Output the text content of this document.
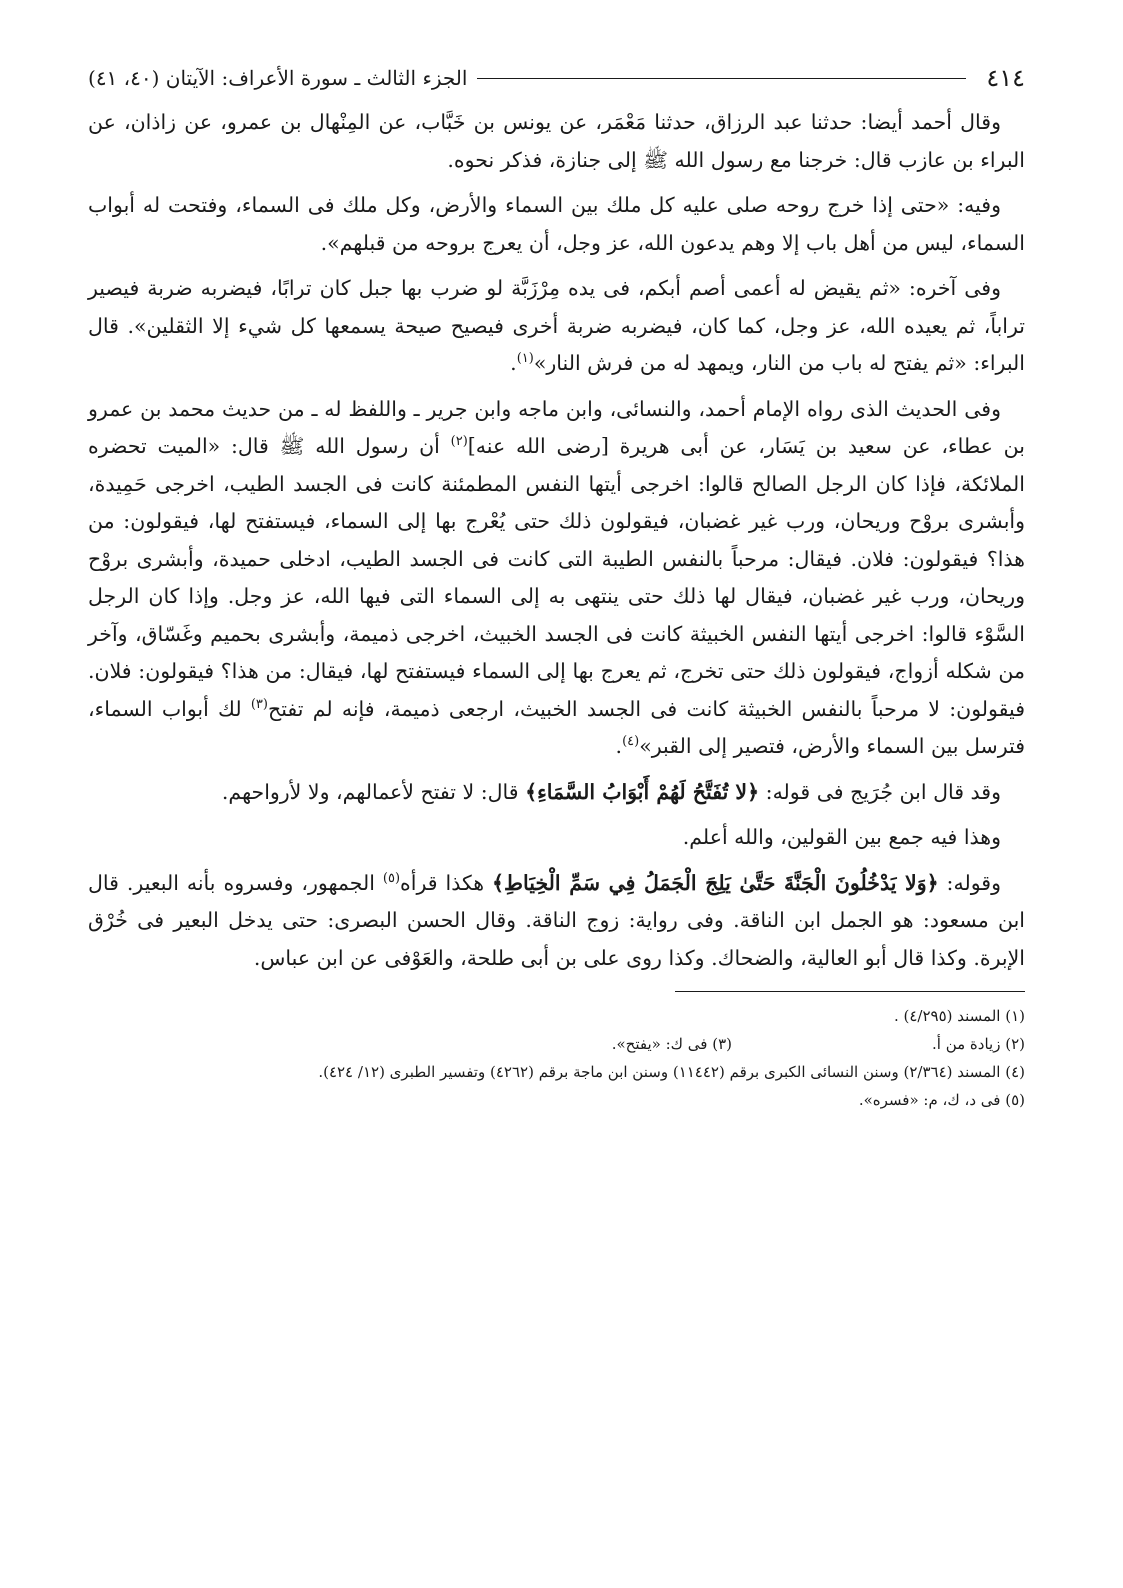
٤١٤
الجزء الثالث ـ سورة الأعراف: الآيتان (٤٠، ٤١)

وقال أحمد أيضا: حدثنا عبد الرزاق، حدثنا مَعْمَر، عن يونس بن خَبَّاب، عن المِنْهال بن عمرو، عن زاذان، عن البراء بن عازب قال: خرجنا مع رسول الله ﷺ إلى جنازة، فذكر نحوه.

وفيه: «حتى إذا خرج روحه صلى عليه كل ملك بين السماء والأرض، وكل ملك فى السماء، وفتحت له أبواب السماء، ليس من أهل باب إلا وهم يدعون الله، عز وجل، أن يعرج بروحه من قبلهم».

وفى آخره: «ثم يقيض له أعمى أصم أبكم، فى يده مِرْزَبَّة لو ضرب بها جبل كان ترابًا، فيضربه ضربة فيصير تراباً، ثم يعيده الله، عز وجل، كما كان، فيضربه ضربة أخرى فيصيح صيحة يسمعها كل شيء إلا الثقلين». قال البراء: «ثم يفتح له باب من النار، ويمهد له من فرش النار»$^{(١)}$.

وفى الحديث الذى رواه الإمام أحمد، والنسائى، وابن ماجه وابن جرير ـ واللفظ له ـ من حديث محمد بن عمرو بن عطاء، عن سعيد بن يَسَار، عن أبى هريرة [رضى الله عنه]$^{(٢)}$ أن رسول الله ﷺ قال: «الميت تحضره الملائكة، فإذا كان الرجل الصالح قالوا: اخرجى أيتها النفس المطمئنة كانت فى الجسد الطيب، اخرجى حَمِيدة، وأبشرى بروْح وريحان، ورب غير غضبان، فيقولون ذلك حتى يُعْرج بها إلى السماء، فيستفتح لها، فيقولون: من هذا؟ فيقولون: فلان. فيقال: مرحباً بالنفس الطيبة التى كانت فى الجسد الطيب، ادخلى حميدة، وأبشرى بروْح وريحان، ورب غير غضبان، فيقال لها ذلك حتى ينتهى به إلى السماء التى فيها الله، عز وجل. وإذا كان الرجل السَّوْء قالوا: اخرجى أيتها النفس الخبيثة كانت فى الجسد الخبيث، اخرجى ذميمة، وأبشرى بحميم وغَسّاق، وآخر من شكله أزواج، فيقولون ذلك حتى تخرج، ثم يعرج بها إلى السماء فيستفتح لها، فيقال: من هذا؟ فيقولون: فلان. فيقولون: لا مرحباً بالنفس الخبيثة كانت فى الجسد الخبيث، ارجعى ذميمة، فإنه لم تفتح$^{(٣)}$ لك أبواب السماء، فترسل بين السماء والأرض، فتصير إلى القبر»$^{(٤)}$.

وقد قال ابن جُرَيج فى قوله: ﴿لا تُفَتَّحُ لَهُمْ أَبْوَابُ السَّمَاءِ﴾ قال: لا تفتح لأعمالهم، ولا لأرواحهم.

وهذا فيه جمع بين القولين، والله أعلم.

وقوله: ﴿وَلا يَدْخُلُونَ الْجَنَّةَ حَتَّىٰ يَلِجَ الْجَمَلُ فِي سَمِّ الْخِيَاطِ﴾ هكذا قرأه$^{(٥)}$ الجمهور، وفسروه بأنه البعير. قال ابن مسعود: هو الجمل ابن الناقة. وفى رواية: زوج الناقة. وقال الحسن البصرى: حتى يدخل البعير فى خُرْق الإبرة. وكذا قال أبو العالية، والضحاك. وكذا روى على بن أبى طلحة، والعَوْفى عن ابن عباس.

(١) المسند (٤/٢٩٥) .
(٢) زيادة من أ.
(٣) فى ك: «يفتح».
(٤) المسند (٢/٣٦٤) وسنن النسائى الكبرى برقم (١١٤٤٢) وسنن ابن ماجة برقم (٤٢٦٢) وتفسير الطبرى (١٢/ ٤٢٤).
(٥) فى د، ك، م: «فسره».
